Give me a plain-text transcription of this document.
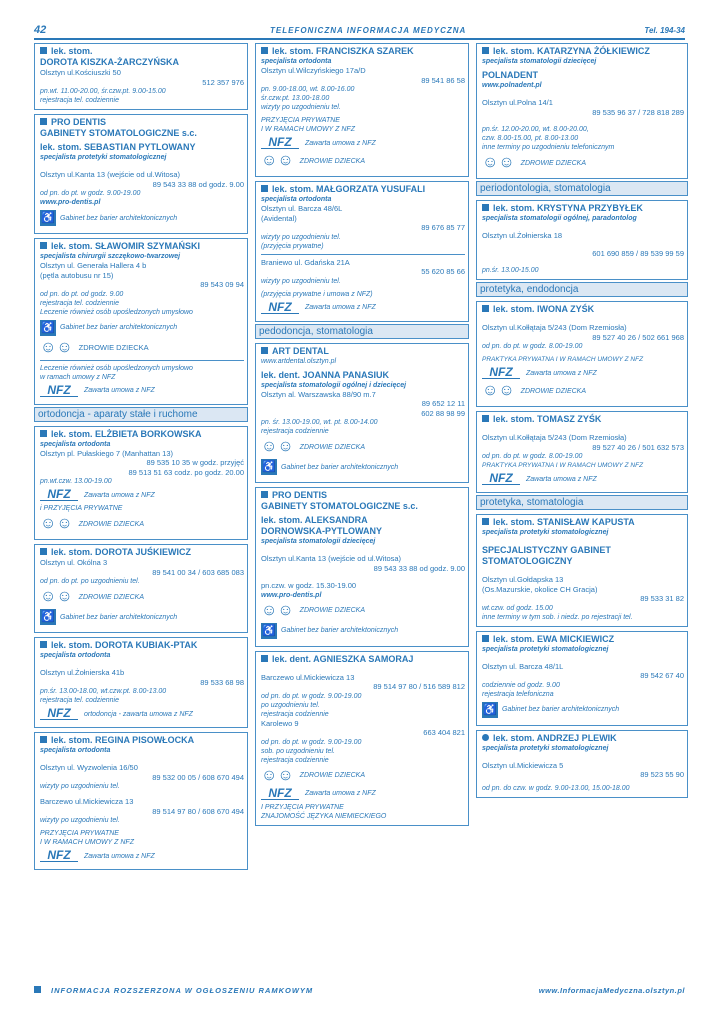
42	TELEFONICZNA INFORMACJA MEDYCZNA	Tel. 194-34
lek. stom.
DOROTA KISZKA-ŻARCZYŃSKA
Olsztyn ul.Kościuszki 50
512 357 976
pn.wt. 11.00-20.00, śr.czw.pt. 9.00-15.00
rejestracja tel. codziennie
PRO DENTIS
GABINETY STOMATOLOGICZNE s.c.
lek. stom. SEBASTIAN PYTLOWANY
specjalista protetyki stomatologicznej
Olsztyn ul.Kanta 13 (wejście od ul.Witosa)
89 543 33 88 od godz. 9.00
od pn. do pt. w godz. 9.00-19.00
www.pro-dentis.pl
♿ Gabinet bez barier architektonicznych
lek. stom. SŁAWOMIR SZYMAŃSKI
specjalista chirurgii szczękowo-twarzowej
Olsztyn ul. Generała Hallera 4 b
(pętla autobusu nr 15)
89 543 09 94
od pn. do pt. od godz. 9.00
rejestracja tel. codziennie
Leczenie również osób upośledzonych umysłowo
♿ Gabinet bez barier architektonicznych
☺☺ ZDROWIE DZIECKA
Leczenie również osób upośledzonych umysłowo
w ramach umowy z NFZ
NFZ	Zawarta umowa z NFZ
ortodoncja - aparaty stałe i ruchome
lek. stom. ELŻBIETA BORKOWSKA
specjalista ortodonta
Olsztyn pl. Pułaskiego 7 (Manhattan 13)
89 535 10 35 w godz. przyjęć
89 513 51 63 codz. po godz. 20.00
pn.wt.czw. 13.00-19.00
NFZ	Zawarta umowa z NFZ
i PRZYJĘCIA PRYWATNE
☺☺ ZDROWIE DZIECKA
lek. stom. DOROTA JUŚKIEWICZ
Olsztyn ul. Okólna 3
89 541 00 34 / 603 685 083
od pn. do pt. po uzgodnieniu tel.
☺☺ ZDROWIE DZIECKA
♿ Gabinet bez barier architektonicznych
lek. stom. DOROTA KUBIAK-PTAK
specjalista ortodonta
Olsztyn ul.Żołnierska 41b
89 533 68 98
pn.śr. 13.00-18.00, wt.czw.pt. 8.00-13.00
rejestracja tel. codziennie
NFZ	ortodoncja - zawarta umowa z NFZ
lek. stom. REGINA PISOWŁOCKA
specjalista ortodonta
Olsztyn ul. Wyzwolenia 16/50
89 532 00 05 / 608 670 494
wizyty po uzgodnieniu tel.
Barczewo ul.Mickiewicza 13
89 514 97 80 / 608 670 494
wizyty po uzgodnieniu tel.
PRZYJĘCIA PRYWATNE
I W RAMACH UMOWY Z NFZ
NFZ	Zawarta umowa z NFZ
lek. stom. FRANCISZKA SZAREK
specjalista ortodonta
Olsztyn ul.Wilczyńskiego 17a/D
89 541 86 58
pn. 9.00-18.00, wt. 8.00-16.00
śr.czw.pt. 13.00-18.00
wizyty po uzgodnieniu tel.
PRZYJĘCIA PRYWATNE
I W RAMACH UMOWY Z NFZ
NFZ	Zawarta umowa z NFZ
☺☺ ZDROWIE DZIECKA
lek. stom. MAŁGORZATA YUSUFALI
specjalista ortodonta
Olsztyn ul. Barcza 48/6L
(Avidental)
89 676 85 77
wizyty po uzgodnieniu tel.
(przyjęcia prywatne)
Braniewo ul. Gdańska 21A
55 620 85 66
wizyty po uzgodnieniu tel.
(przyjęcia prywatne i umowa z NFZ)
NFZ	Zawarta umowa z NFZ
pedodoncja, stomatologia
ART DENTAL
www.artdental.olsztyn.pl
lek. dent. JOANNA PANASIUK
specjalista stomatologii ogólnej i dziecięcej
Olsztyn al. Warszawska 88/90 m.7
89 652 12 11
602 88 98 99
pn. śr. 13.00-19.00, wt. pt. 8.00-14.00
rejestracja codziennie
☺☺ ZDROWIE DZIECKA
♿ Gabinet bez barier architektonicznych
PRO DENTIS
GABINETY STOMATOLOGICZNE s.c.
lek. stom. ALEKSANDRA
DORNOWSKA-PYTLOWANY
specjalista stomatologii dziecięcej
Olsztyn ul.Kanta 13 (wejście od ul.Witosa)
89 543 33 88 od godz. 9.00
pn.czw. w godz. 15.30-19.00
www.pro-dentis.pl
☺☺ ZDROWIE DZIECKA
♿ Gabinet bez barier architektonicznych
lek. dent. AGNIESZKA SAMORAJ
Barczewo ul.Mickiewicza 13
89 514 97 80 / 516 589 812
od pn. do pt. w godz. 9.00-19.00
po uzgodnieniu tel.
rejestracja codziennie
Karolewo 9
663 404 821
od pn. do pt. w godz. 9.00-19.00
sob. po uzgodnieniu tel.
rejestracja codziennie
☺☺ ZDROWIE DZIECKA
NFZ	Zawarta umowa z NFZ
I PRZYJĘCIA PRYWATNE
ZNAJOMOŚĆ JĘZYKA NIEMIECKIEGO
lek. stom. KATARZYNA ŻÓŁKIEWICZ
specjalista stomatologii dziecięcej
POLNADENT
www.polnadent.pl
Olsztyn ul.Polna 14/1
89 535 96 37 / 728 818 289
pn.śr. 12.00-20.00, wt. 8.00-20.00,
czw. 8.00-15.00, pt. 8.00-13.00
inne terminy po uzgodnieniu telefonicznym
☺☺ ZDROWIE DZIECKA
periodontologia, stomatologia
lek. stom. KRYSTYNA PRZYBYŁEK
specjalista stomatologii ogólnej, paradontolog
Olsztyn ul.Żołnierska 18
601 690 859 / 89 539 99 59
pn.śr. 13.00-15.00
protetyka, endodoncja
lek. stom. IWONA ZYŚK
Olsztyn ul.Kołłątaja 5/243 (Dom Rzemiosła)
89 527 40 26 / 502 661 968
od pn. do pt. w godz. 8.00-19.00
PRAKTYKA PRYWATNA I W RAMACH UMOWY Z NFZ
NFZ	Zawarta umowa z NFZ
☺☺ ZDROWIE DZIECKA
lek. stom. TOMASZ ZYŚK
Olsztyn ul.Kołłątaja 5/243 (Dom Rzemiosła)
89 527 40 26 / 501 632 573
od pn. do pt. w godz. 8.00-19.00
PRAKTYKA PRYWATNA I W RAMACH UMOWY Z NFZ
NFZ	Zawarta umowa z NFZ
protetyka, stomatologia
lek. stom. STANISŁAW KAPUSTA
specjalista protetyki stomatologicznej
SPECJALISTYCZNY GABINET
STOMATOLOGICZNY
Olsztyn ul.Gołdapska 13
(Os.Mazurskie, okolice CH Gracja)
89 533 31 82
wt.czw. od godz. 15.00
inne terminy w tym sob. i niedz. po rejestracji tel.
lek. stom. EWA MICKIEWICZ
specjalista protetyki stomatologicznej
Olsztyn ul. Barcza 48/1L
89 542 67 40
codziennie od godz. 9.00
rejestracja telefoniczna
♿ Gabinet bez barier architektonicznych
lek. stom. ANDRZEJ PLEWIK
specjalista protetyki stomatologicznej
Olsztyn ul.Mickiewicza 5
89 523 55 90
od pn. do czw. w godz. 9.00-13.00, 15.00-18.00
INFORMACJA ROZSZERZONA W OGŁOSZENIU RAMKOWYM	www.InformacjaMedyczna.olsztyn.pl
